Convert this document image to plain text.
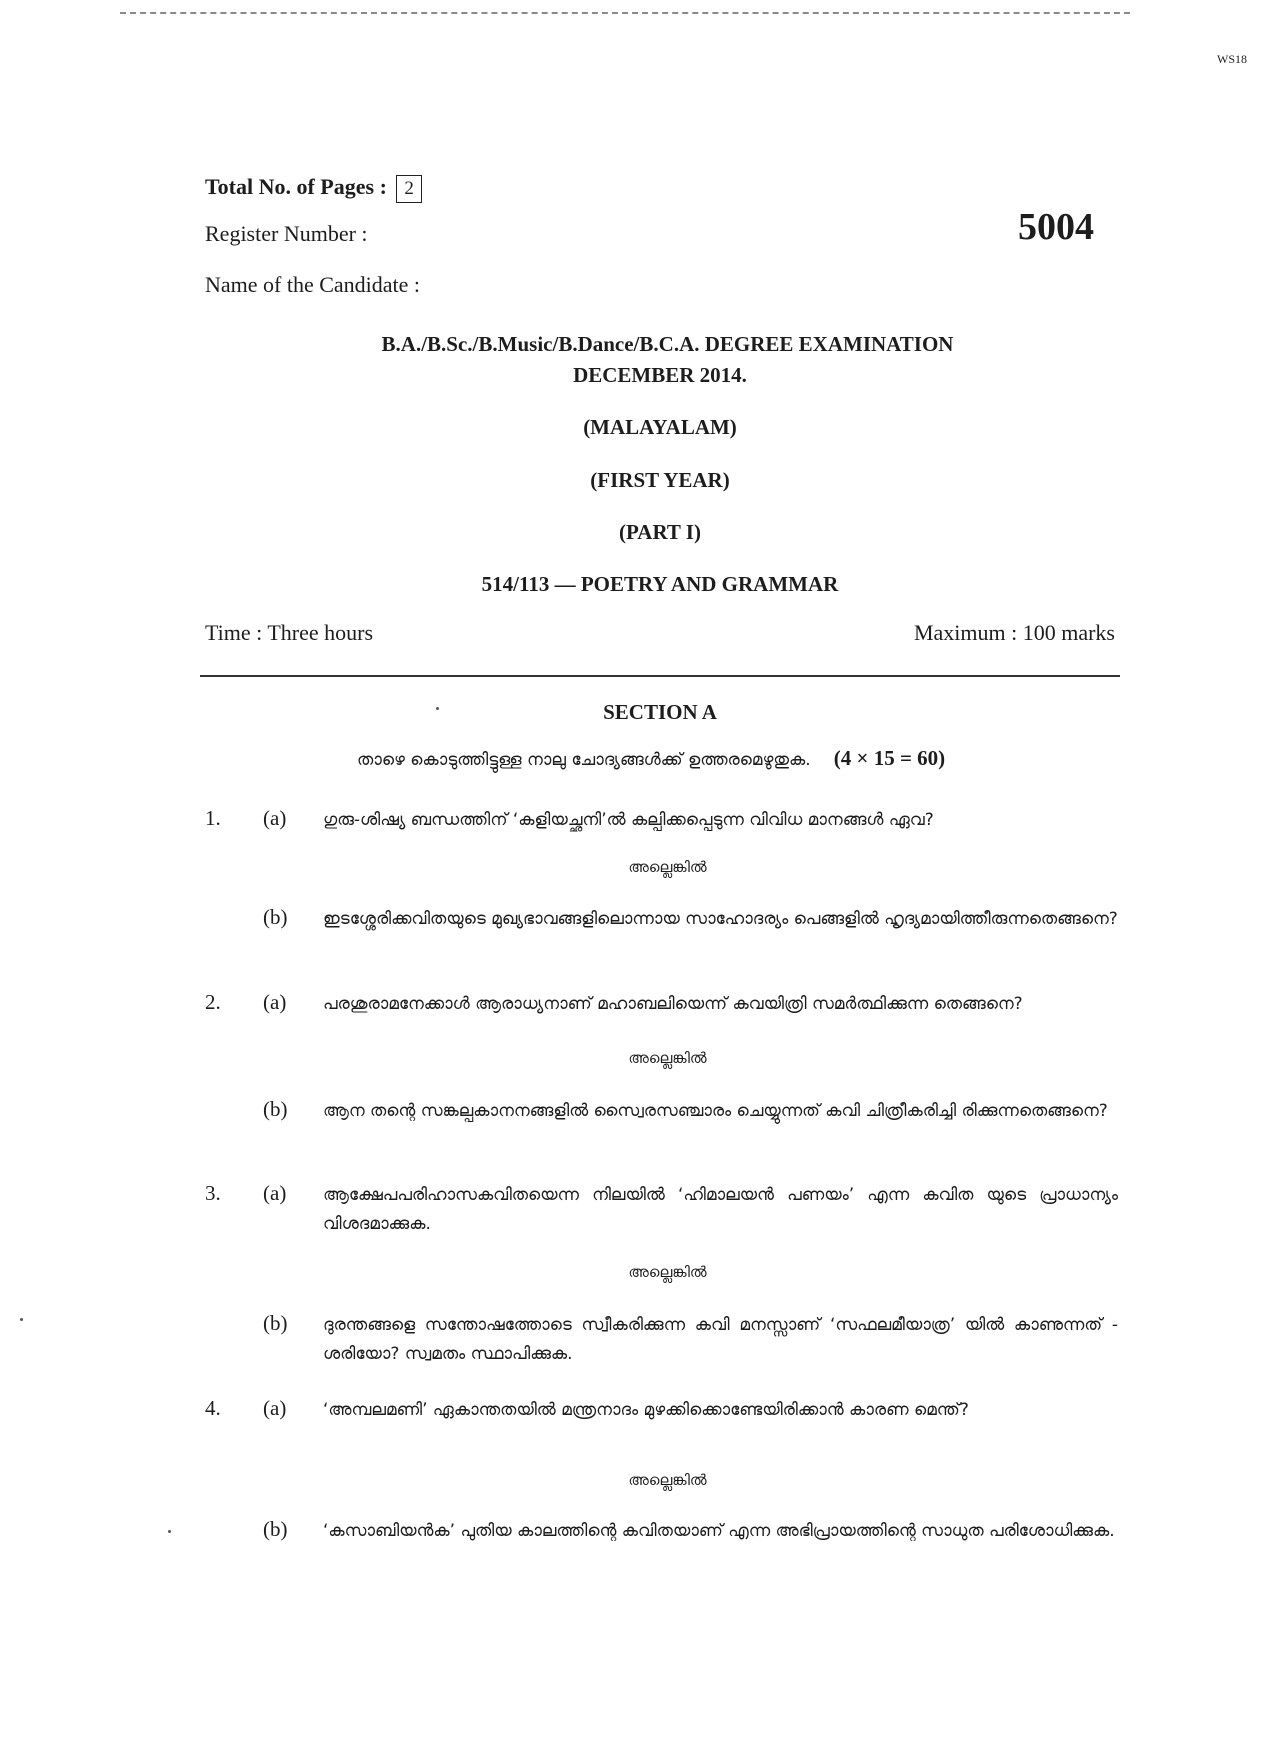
WS18
Total No. of Pages : 2
Register Number :	5004
Name of the Candidate :
B.A./B.Sc./B.Music/B.Dance/B.C.A. DEGREE EXAMINATION
DECEMBER 2014.
(MALAYALAM)
(FIRST YEAR)
(PART I)
514/113 — POETRY AND GRAMMAR
Time : Three hours	Maximum : 100 marks
SECTION A
താഴെ കൊടുത്തിട്ടുള്ള നാലു ചോദ്യങ്ങൾക്ക് ഉത്തരമെഴുതുക. (4 × 15 = 60)
1. (a) ഗുരു-ശിഷ്യ ബന്ധത്തിന് ‘കളിയച്ഛനി’ൽ കല്പിക്കപ്പെടുന്ന വിവിധ മാനങ്ങൾ ഏവ?
അല്ലെങ്കിൽ
(b) ഇടശ്ശേരിക്കവിതയുടെ മുഖ്യഭാവങ്ങളിലൊന്നായ സാഹോദര്യം പെങ്ങളിൽ ഹൃദ്യമായിത്തീരുന്നതെങ്ങനെ?
2. (a) പരശുരാമനേക്കാൾ ആരാധ്യനാണ് മഹാബലിയെന്ന് കവയിത്രി സമർത്ഥിക്കുന്ന തെങ്ങനെ?
അല്ലെങ്കിൽ
(b) ആന തന്റെ സങ്കല്പകാനനങ്ങളിൽ സ്വൈരസഞ്ചാരം ചെയ്യുന്നത് കവി ചിത്രീകരിച്ചി രിക്കുന്നതെങ്ങനെ?
3. (a) ആക്ഷേപപരിഹാസകവിതയെന്ന നിലയിൽ ‘ഹിമാലയൻ പണയം’ എന്ന കവിത യുടെ പ്രാധാന്യം വിശദമാക്കുക.
അല്ലെങ്കിൽ
(b) ദുരന്തങ്ങളെ സന്തോഷത്തോടെ സ്വീകരിക്കുന്ന കവി മനസ്സാണ് ‘സഫലമീയാത്ര’ യിൽ കാണുന്നത് - ശരിയോ? സ്വമതം സ്ഥാപിക്കുക.
4. (a) ‘അമ്പലമണി’ ഏകാന്തതയിൽ മന്ത്രനാദം മുഴക്കിക്കൊണ്ടേയിരിക്കാൻ കാരണ മെന്ത്?
അല്ലെങ്കിൽ
(b) ‘കസാബിയൻക’ പുതിയ കാലത്തിന്റെ കവിതയാണ് എന്ന അഭിപ്രായത്തിന്റെ സാധുത പരിശോധിക്കുക.
